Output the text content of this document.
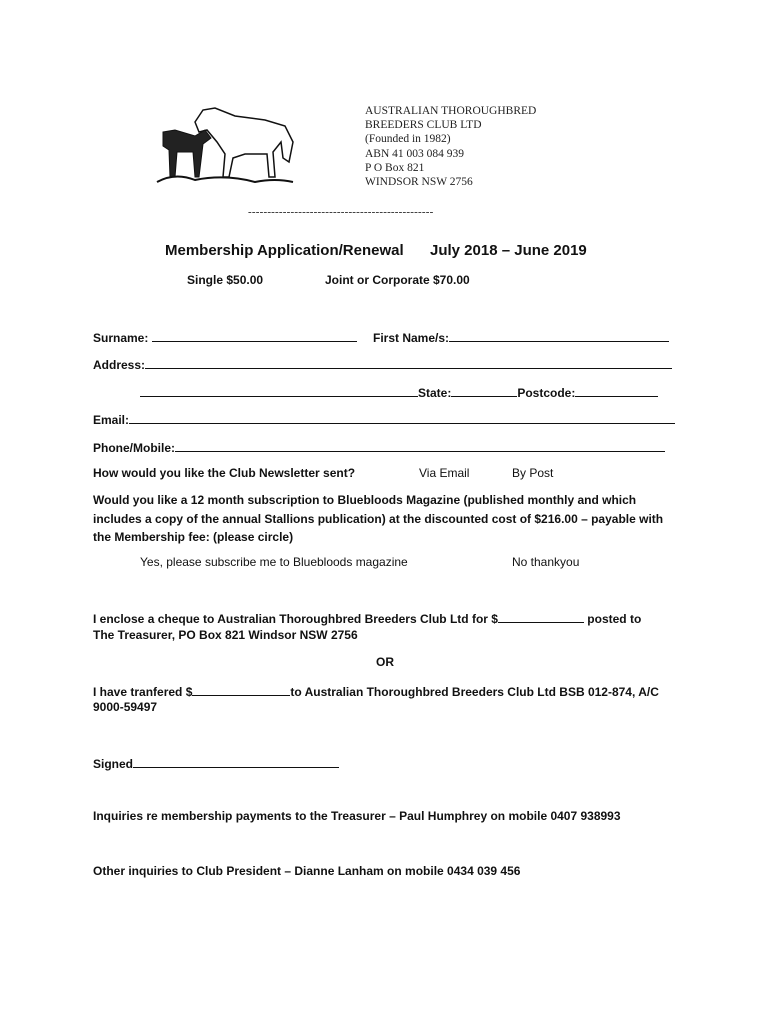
AUSTRALIAN THOROUGHBRED
BREEDERS CLUB LTD
(Founded in 1982)
ABN 41 003 084 939
P O Box 821
WINDSOR NSW 2756
------------------------------------------------
Membership Application/Renewal July 2018 – June 2019
Single $50.00	Joint or Corporate $70.00
Surname:	First Name/s:
Address:
State:	Postcode:
Email:
Phone/Mobile:
How would you like the Club Newsletter sent?	Via Email	By Post
Would you like a 12 month subscription to Bluebloods Magazine (published monthly and which includes a copy of the annual Stallions publication) at the discounted cost of $216.00 – payable with the Membership fee: (please circle)
Yes, please subscribe me to Bluebloods magazine	No thankyou
I enclose a cheque to Australian Thoroughbred Breeders Club Ltd for $	posted to
The Treasurer, PO Box 821 Windsor NSW 2756
OR
I have tranfered $	to Australian Thoroughbred Breeders Club Ltd BSB 012-874, A/C
9000-59497
Signed
Inquiries re membership payments to the Treasurer – Paul Humphrey on mobile 0407 938993
Other inquiries to Club President – Dianne Lanham on mobile 0434 039 456
